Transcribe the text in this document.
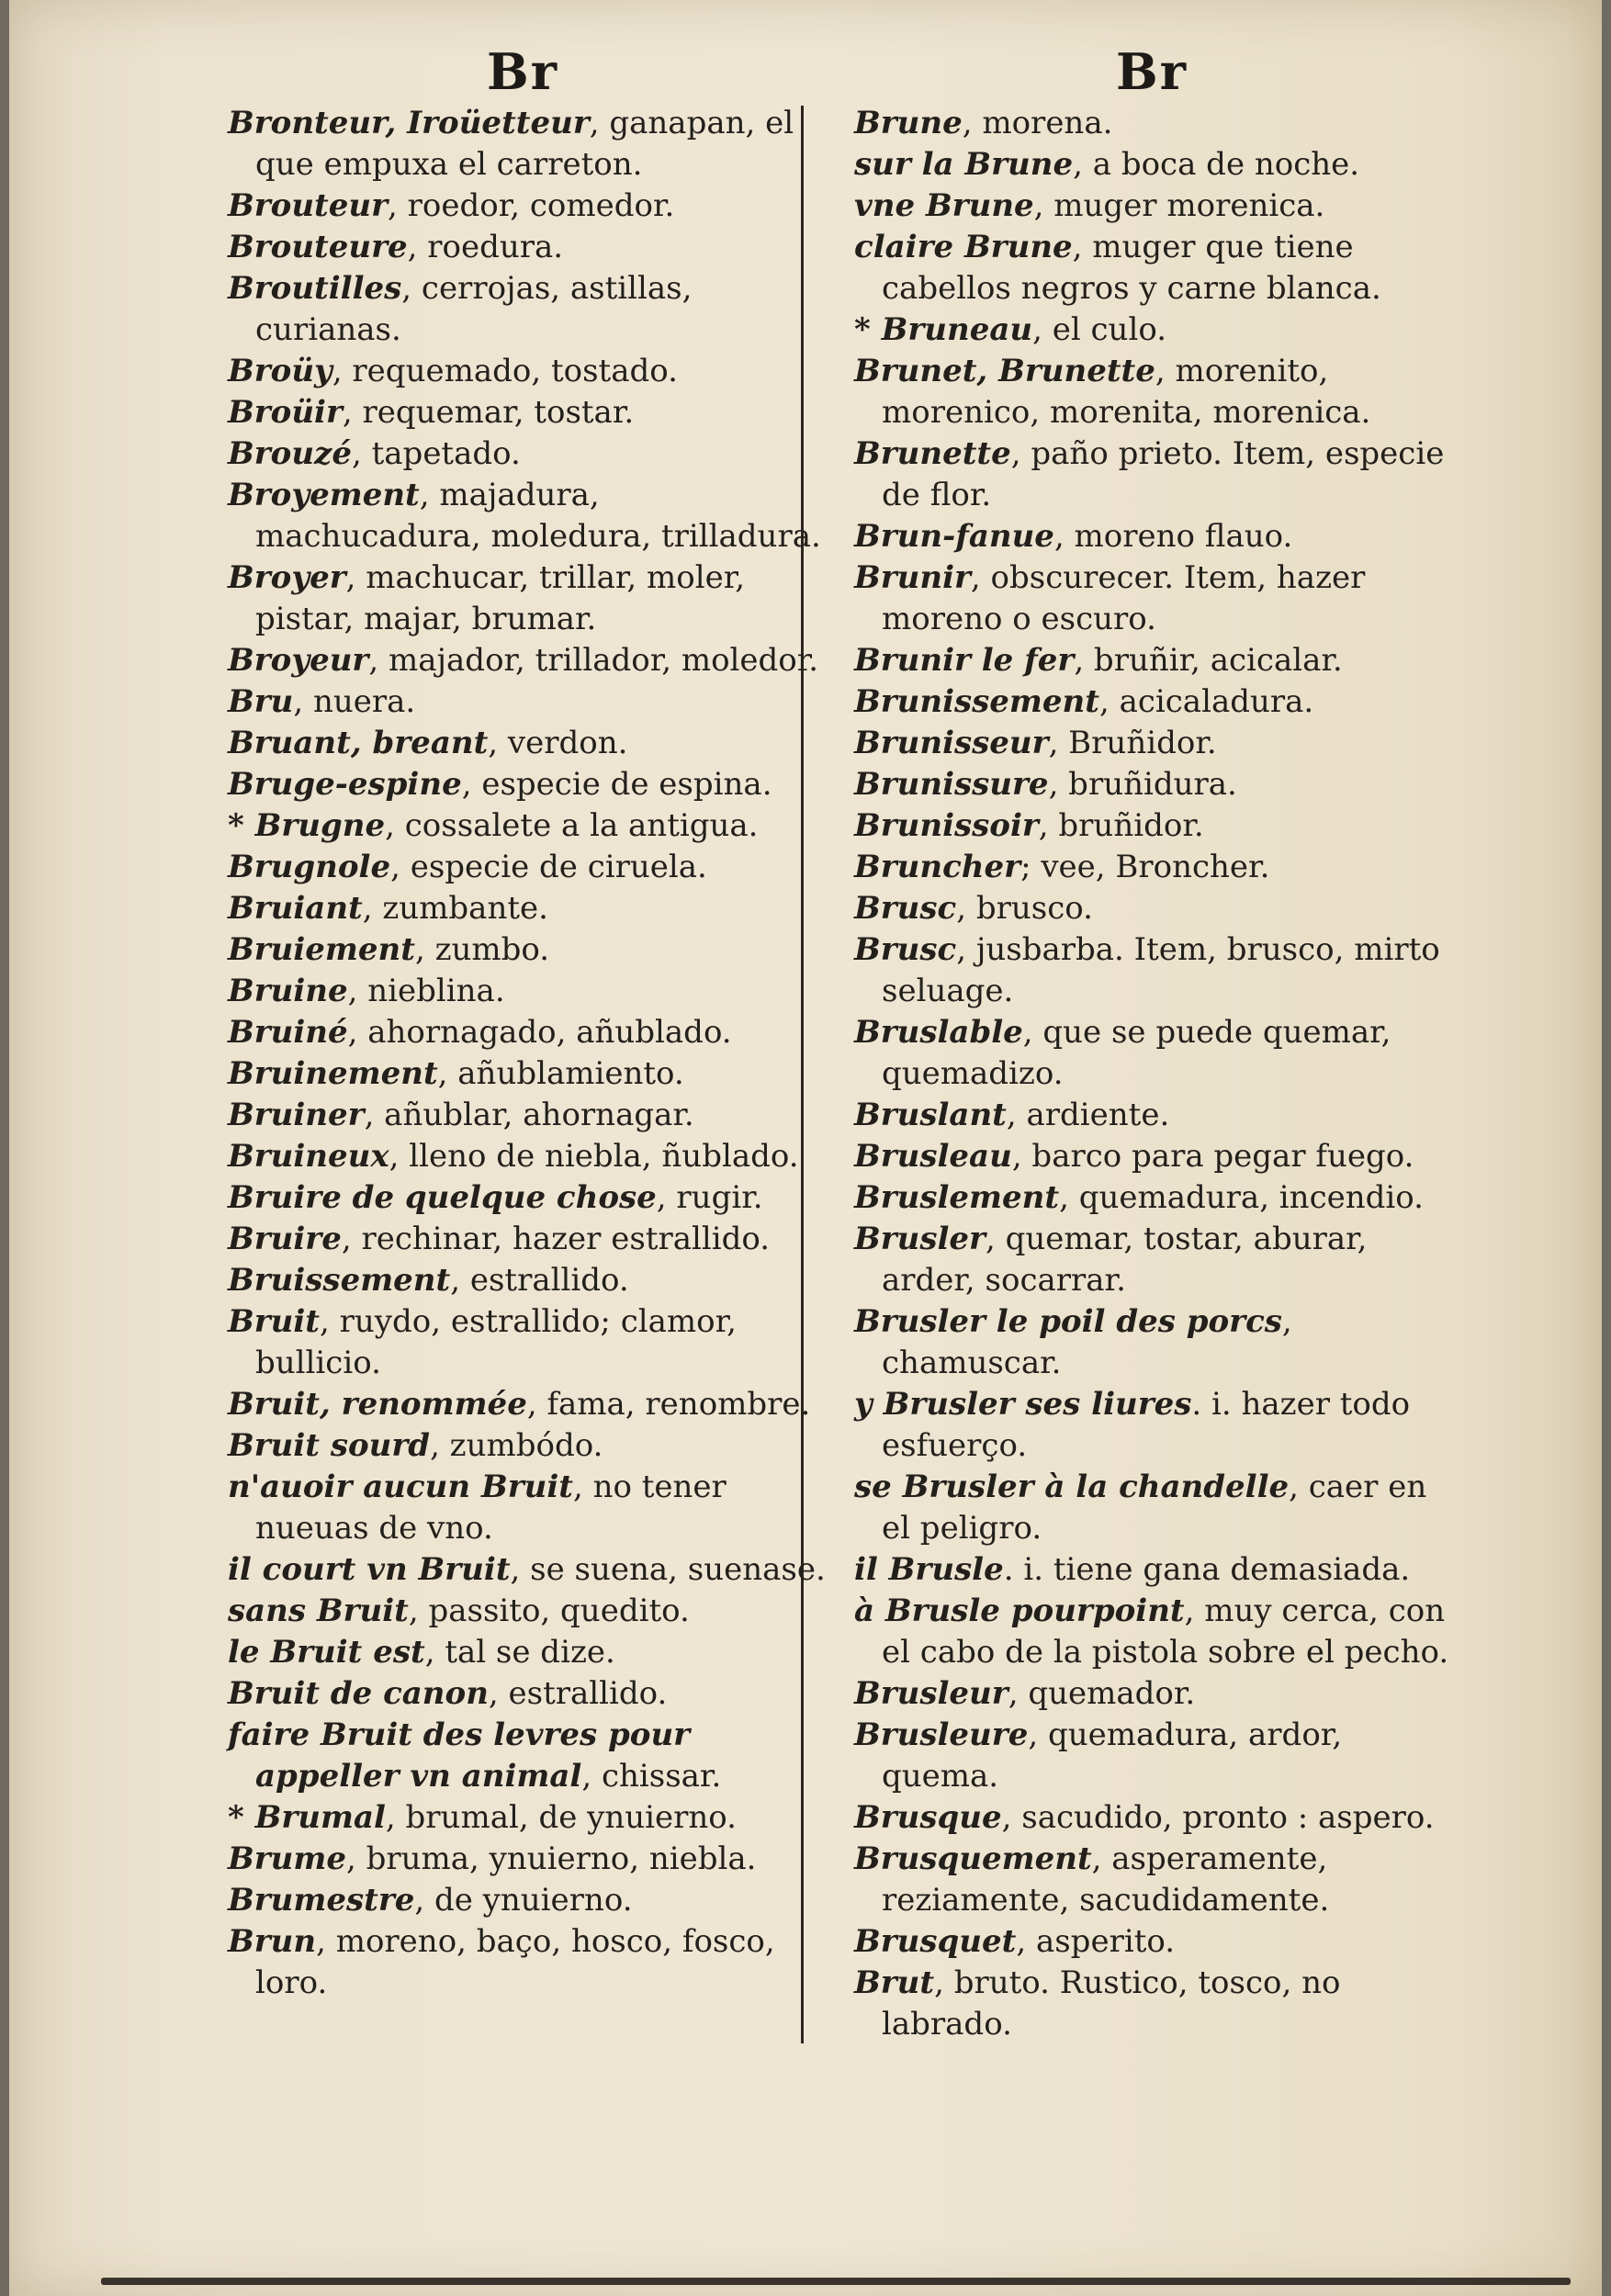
Br	Br

Bronteur, Iroüetteur, ganapan, el que empuxa el carreton.

Brouteur, roedor, comedor.

Brouteure, roedura.

Broutilles, cerrojas, astillas, curianas.

Broüy, requemado, tostado.

Broüir, requemar, tostar.

Brouzé, tapetado.

Broyement, majadura, machucadura, moledura, trilladura.

Broyer, machucar, trillar, moler, pistar, majar, brumar.

Broyeur, majador, trillador, moledor.

Bru, nuera.

Bruant, breant, verdon.

Bruge-espine, especie de espina.

* Brugne, cossalete a la antigua.

Brugnole, especie de ciruela.

Bruiant, zumbante.

Bruiement, zumbo.

Bruine, nieblina.

Bruiné, ahornagado, añublado.

Bruinement, añublamiento.

Bruiner, añublar, ahornagar.

Bruineux, lleno de niebla, ñublado.

Bruire de quelque chose, rugir.

Bruire, rechinar, hazer estrallido.

Bruissement, estrallido.

Bruit, ruydo, estrallido; clamor, bullicio.

Bruit, renommée, fama, renombre.

Bruit sourd, zumbódo.

n'auoir aucun Bruit, no tener nueuas de vno.

il court vn Bruit, se suena, suenase.

sans Bruit, passito, quedito.

le Bruit est, tal se dize.

Bruit de canon, estrallido.

faire Bruit des levres pour appeller vn animal, chissar.

* Brumal, brumal, de ynuierno.

Brume, bruma, ynuierno, niebla.

Brumestre, de ynuierno.

Brun, moreno, baço, hosco, fosco, loro.

Brune, morena.

sur la Brune, a boca de noche.

vne Brune, muger morenica.

claire Brune, muger que tiene cabellos negros y carne blanca.

* Bruneau, el culo.

Brunet, Brunette, morenito, morenico, morenita, morenica.

Brunette, paño prieto. Item, especie de flor.

Brun-fanue, moreno flauo.

Brunir, obscurecer. Item, hazer moreno o escuro.

Brunir le fer, bruñir, acicalar.

Brunissement, acicaladura.

Brunisseur, Bruñidor.

Brunissure, bruñidura.

Brunissoir, bruñidor.

Bruncher; vee, Broncher.

Brusc, brusco.

Brusc, jusbarba. Item, brusco, mirto seluage.

Bruslable, que se puede quemar, quemadizo.

Bruslant, ardiente.

Brusleau, barco para pegar fuego.

Bruslement, quemadura, incendio.

Brusler, quemar, tostar, aburar, arder, socarrar.

Brusler le poil des porcs, chamuscar.

y Brusler ses liures. i. hazer todo esfuerço.

se Brusler à la chandelle, caer en el peligro.

il Brusle. i. tiene gana demasiada.

à Brusle pourpoint, muy cerca, con el cabo de la pistola sobre el pecho.

Brusleur, quemador.

Brusleure, quemadura, ardor, quema.

Brusque, sacudido, pronto : aspero.

Brusquement, asperamente, reziamente, sacudidamente.

Brusquet, asperito.

Brut, bruto. Rustico, tosco, no labrado.
